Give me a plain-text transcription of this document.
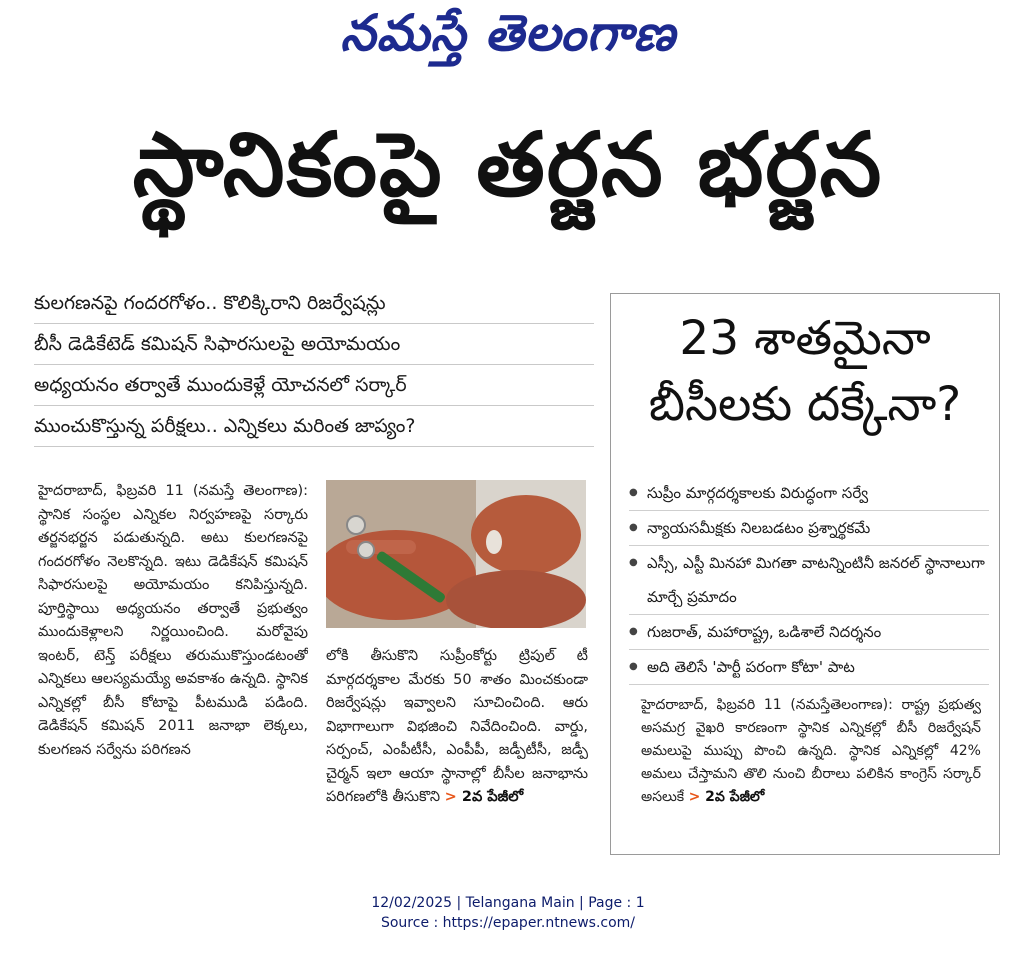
నమస్తే తెలంగాణ
స్థానికంపై తర్జన భర్జన
కులగణనపై గందరగోళం.. కొలిక్కిరాని రిజర్వేషన్లు
బీసీ డెడికేటెడ్ కమిషన్ సిఫారసులపై అయోమయం
అధ్యయనం తర్వాతే ముందుకెళ్లే యోచనలో సర్కార్
ముంచుకొస్తున్న పరీక్షలు.. ఎన్నికలు మరింత జాప్యం?
హైదరాబాద్, ఫిబ్రవరి 11 (నమస్తే తెలంగాణ): స్థానిక సంస్థల ఎన్నికల నిర్వహణపై సర్కారు తర్జనభర్జన పడుతున్నది. అటు కులగణనపై గందరగోళం నెలకొన్నది. ఇటు డెడికేషన్ కమిషన్ సిఫారసులపై అయోమయం కనిపిస్తున్నది. పూర్తిస్థాయి అధ్యయనం తర్వాతే ప్రభుత్వం ముందుకెళ్లాలని నిర్ణయించింది. మరోవైపు ఇంటర్, టెన్త్ పరీక్షలు తరుముకొస్తుండటంతో ఎన్నికలు ఆలస్యమయ్యే అవకాశం ఉన్నది. స్థానిక ఎన్నికల్లో బీసీ కోటాపై పీటముడి పడింది. డెడికేషన్ కమిషన్ 2011 జనాభా లెక్కలు, కులగణన సర్వేను పరిగణన
లోకి తీసుకొని సుప్రీంకోర్టు ట్రిపుల్ టీ మార్గదర్శకాల మేరకు 50 శాతం మించకుండా రిజర్వేషన్లు ఇవ్వాలని సూచించింది. ఆరు విభాగాలుగా విభజించి నివేదించింది. వార్డు, సర్పంచ్, ఎంపీటీసీ, ఎంపీపీ, జడ్పీటీసీ, జడ్పీ చైర్మన్ ఇలా ఆయా స్థానాల్లో బీసీల జనాభాను పరిగణలోకి తీసుకొని > 2వ పేజీలో
23 శాతమైనా
బీసీలకు దక్కేనా?
● సుప్రీం మార్గదర్శకాలకు విరుద్ధంగా సర్వే
● న్యాయసమీక్షకు నిలబడటం ప్రశ్నార్థకమే
● ఎస్సీ, ఎస్టీ మినహా మిగతా వాటన్నింటినీ జనరల్ స్థానాలుగా మార్చే ప్రమాదం
● గుజరాత్, మహారాష్ట్ర, ఒడిశాలే నిదర్శనం
● అది తెలిసే 'పార్టీ పరంగా కోటా' పాట
హైదరాబాద్, ఫిబ్రవరి 11 (నమస్తేతెలంగాణ): రాష్ట్ర ప్రభుత్వ అసమగ్ర వైఖరి కారణంగా స్థానిక ఎన్నికల్లో బీసీ రిజర్వేషన్ అమలుపై ముప్పు పొంచి ఉన్నది. స్థానిక ఎన్నికల్లో 42% అమలు చేస్తామని తొలి నుంచి బీరాలు పలికిన కాంగ్రెస్ సర్కార్ అసలుకే > 2వ పేజీలో
12/02/2025 | Telangana Main | Page : 1
Source : https://epaper.ntnews.com/
